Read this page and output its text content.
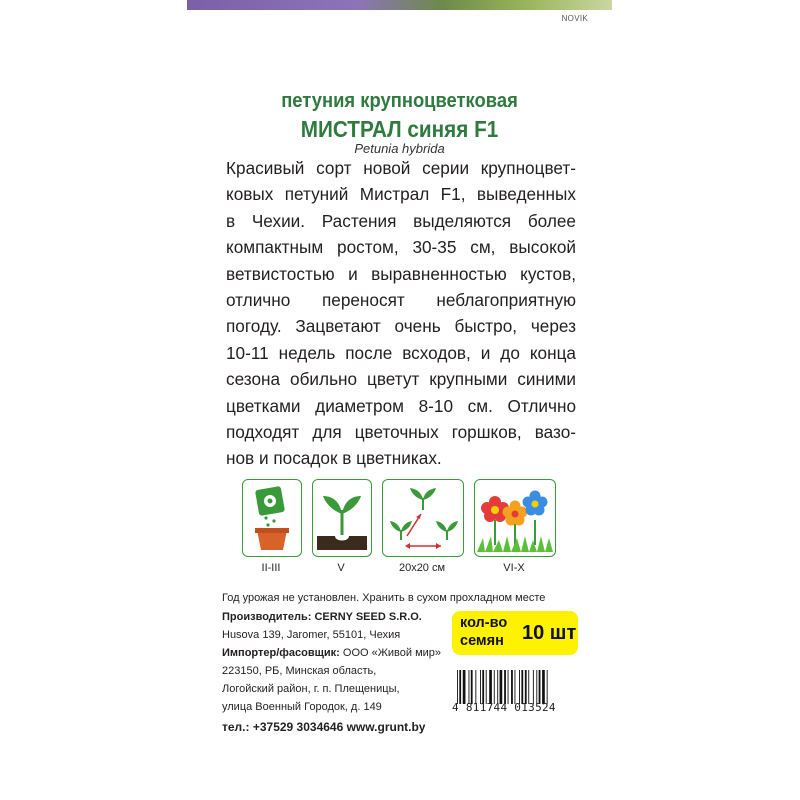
NOVIK
петуния крупноцветковая
МИСТРАЛ синяя F1
Petunia hybrida
Красивый сорт новой серии крупноцвет-
ковых петуний Мистрал F1, выведенных
в Чехии. Растения выделяются более
компактным ростом, 30-35 см, высокой
ветвистостью и выравненностью кустов,
отлично переносят неблагоприятную
погоду. Зацветают очень быстро, через
10-11 недель после всходов, и до конца
сезона обильно цветут крупными синими
цветками диаметром 8-10 см. Отлично
подходят для цветочных горшков, вазо-
нов и посадок в цветниках.
II-III	V	20x20 см	VI-X
Год урожая не установлен. Хранить в сухом прохладном месте
Производитель: CERNY SEED S.R.O.
Husova 139, Jaromer, 55101, Чехия
Импортер/фасовщик: ООО «Живой мир»
223150, РБ, Минская область,
Логойский район, г. п. Плещеницы,
улица Военный Городок, д. 149
тел.: +37529 3034646 www.grunt.by
кол-во
семян 10 шт
4 811744 013524
